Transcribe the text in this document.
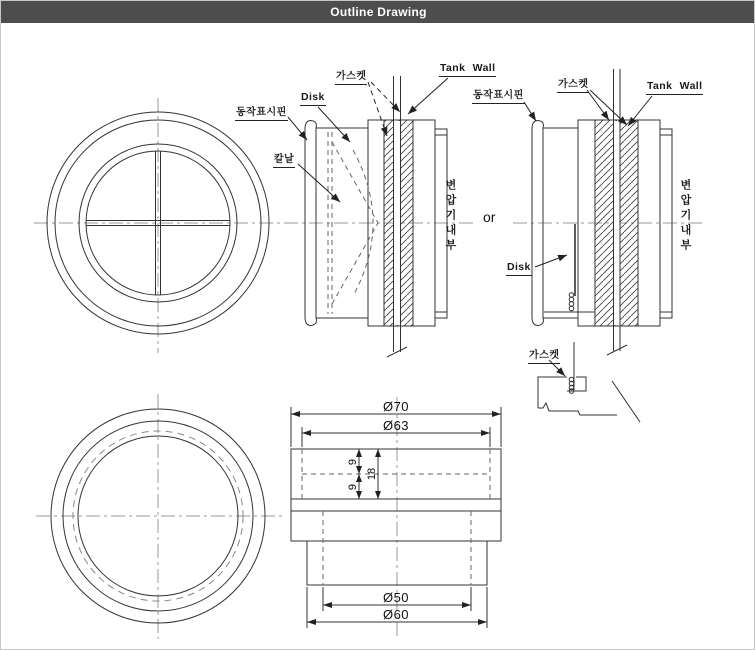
Outline Drawing
동작표시핀
Disk
가스켓
Tank Wall
칼날
동작표시핀
가스켓	Tank Wall
Disk
가스켓
변압기내부	변압기내부
or
Ø70
Ø63
9
18
9
Ø50
Ø60
